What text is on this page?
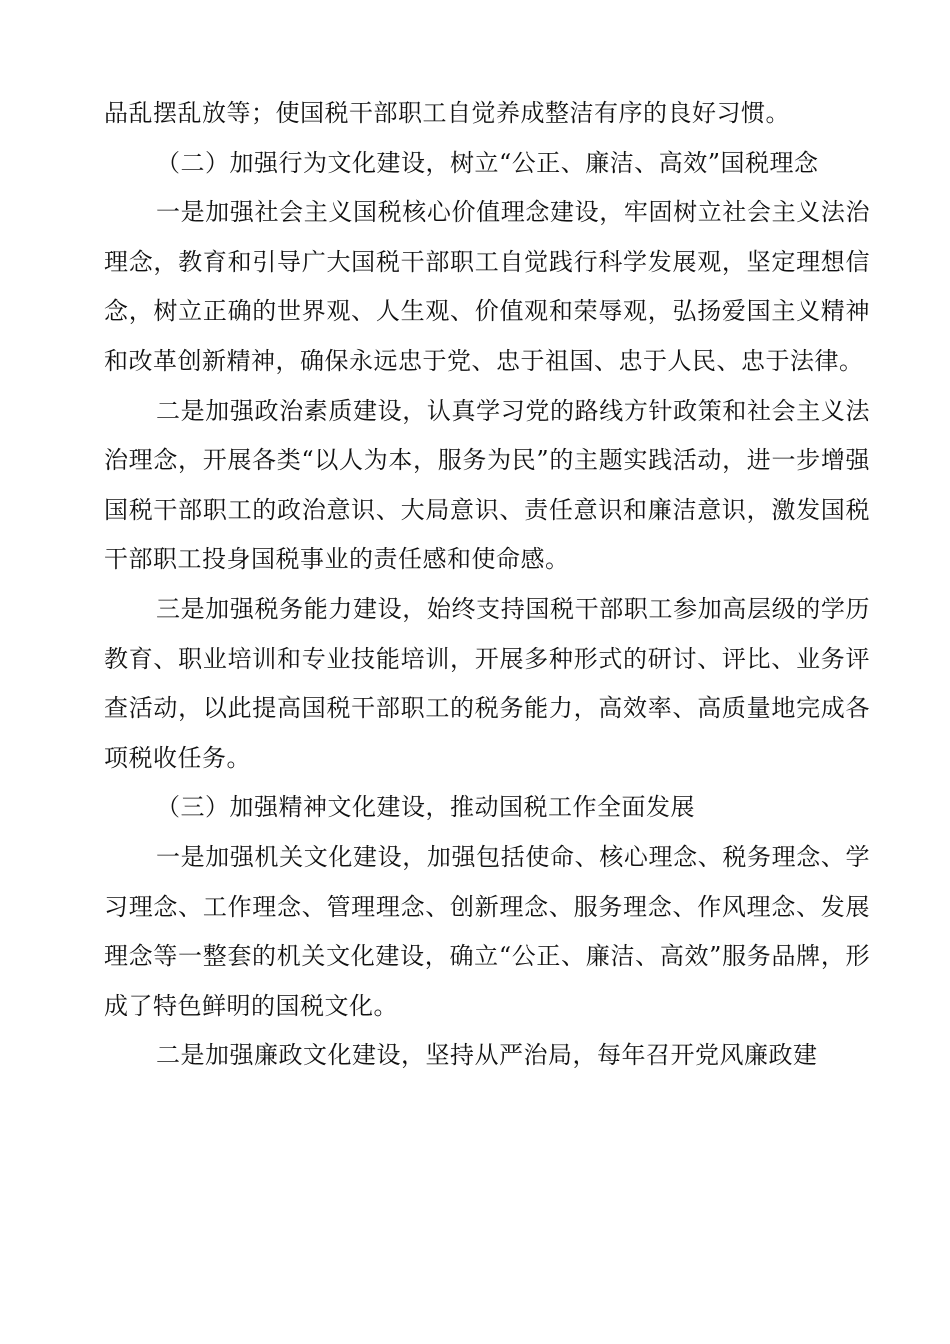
品乱摆乱放等；使国税干部职工自觉养成整洁有序的良好习惯。

（二）加强行为文化建设，树立“公正、廉洁、高效”国税理念

一是加强社会主义国税核心价值理念建设，牢固树立社会主义法治理念，教育和引导广大国税干部职工自觉践行科学发展观，坚定理想信念，树立正确的世界观、人生观、价值观和荣辱观，弘扬爱国主义精神和改革创新精神，确保永远忠于党、忠于祖国、忠于人民、忠于法律。

二是加强政治素质建设，认真学习党的路线方针政策和社会主义法治理念，开展各类“以人为本，服务为民”的主题实践活动，进一步增强国税干部职工的政治意识、大局意识、责任意识和廉洁意识，激发国税干部职工投身国税事业的责任感和使命感。

三是加强税务能力建设，始终支持国税干部职工参加高层级的学历教育、职业培训和专业技能培训，开展多种形式的研讨、评比、业务评查活动，以此提高国税干部职工的税务能力，高效率、高质量地完成各项税收任务。

（三）加强精神文化建设，推动国税工作全面发展

一是加强机关文化建设，加强包括使命、核心理念、税务理念、学习理念、工作理念、管理理念、创新理念、服务理念、作风理念、发展理念等一整套的机关文化建设，确立“公正、廉洁、高效”服务品牌，形成了特色鲜明的国税文化。

二是加强廉政文化建设，坚持从严治局，每年召开党风廉政建
